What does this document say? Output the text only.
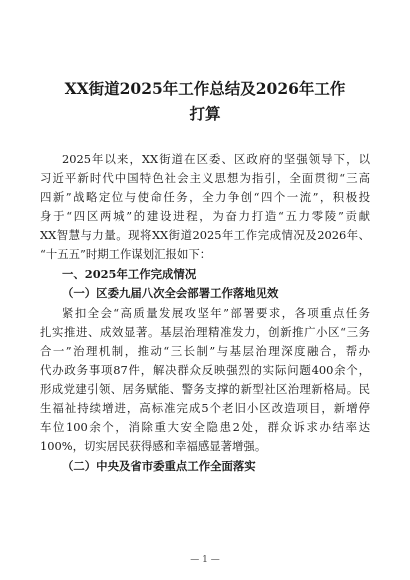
XX街道2025年工作总结及2026年工作
打算
2025年以来，XX街道在区委、区政府的坚强领导下，以
习近平新时代中国特色社会主义思想为指引，全面贯彻“三高
四新”战略定位与使命任务，全力争创“四个一流”，积极投
身于“四区两城”的建设进程，为奋力打造“五力零陵”贡献
XX智慧与力量。现将XX街道2025年工作完成情况及2026年、
“十五五”时期工作谋划汇报如下：
一、2025年工作完成情况
（一）区委九届八次全会部署工作落地见效
紧扣全会“高质量发展攻坚年”部署要求，各项重点任务
扎实推进、成效显著。基层治理精准发力，创新推广小区“三务
合一”治理机制，推动“三长制”与基层治理深度融合，帮办
代办政务事项87件，解决群众反映强烈的实际问题400余个，
形成党建引领、居务赋能、警务支撑的新型社区治理新格局。民
生福祉持续增进，高标准完成5个老旧小区改造项目，新增停
车位100余个，消除重大安全隐患2处，群众诉求办结率达
100%，切实居民获得感和幸福感显著增强。
（二）中央及省市委重点工作全面落实
— 1 —
